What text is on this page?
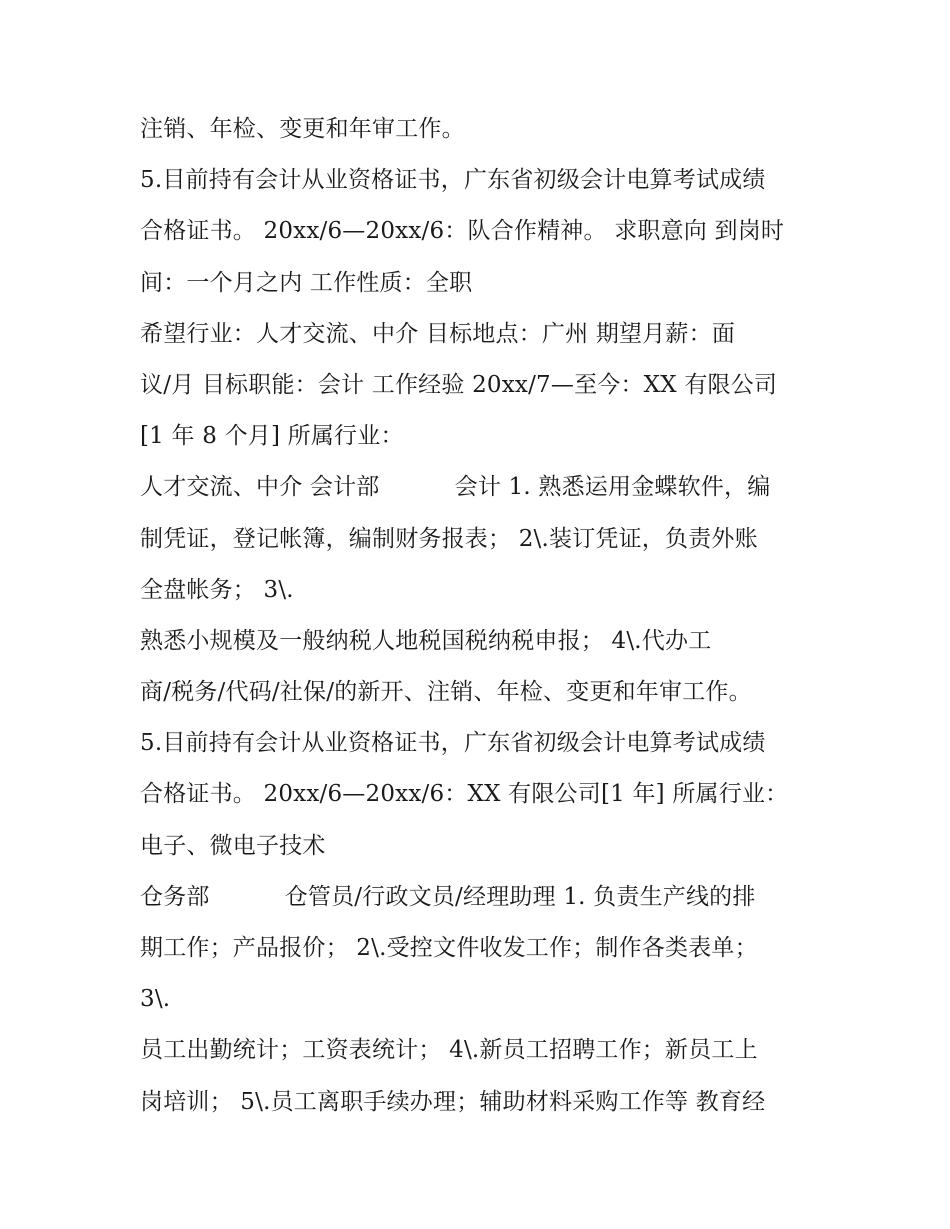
注销、年检、变更和年审工作。
5.目前持有会计从业资格证书，广东省初级会计电算考试成绩
合格证书。 20xx/6—20xx/6：队合作精神。 求职意向 到岗时
间：一个月之内 工作性质：全职
希望行业：人才交流、中介 目标地点：广州 期望月薪：面
议/月 目标职能：会计 工作经验 20xx/7—至今：XX 有限公司
[1 年 8 个月] 所属行业：
人才交流、中介 会计部          会计 1. 熟悉运用金蝶软件，编
制凭证，登记帐簿，编制财务报表； 2\.装订凭证，负责外账
全盘帐务； 3\.
熟悉小规模及一般纳税人地税国税纳税申报； 4\.代办工
商/税务/代码/社保/的新开、注销、年检、变更和年审工作。
5.目前持有会计从业资格证书，广东省初级会计电算考试成绩
合格证书。 20xx/6—20xx/6：XX 有限公司[1 年] 所属行业：
电子、微电子技术
仓务部          仓管员/行政文员/经理助理 1. 负责生产线的排
期工作；产品报价； 2\.受控文件收发工作；制作各类表单；
3\.
员工出勤统计；工资表统计； 4\.新员工招聘工作；新员工上
岗培训； 5\.员工离职手续办理；辅助材料采购工作等 教育经
